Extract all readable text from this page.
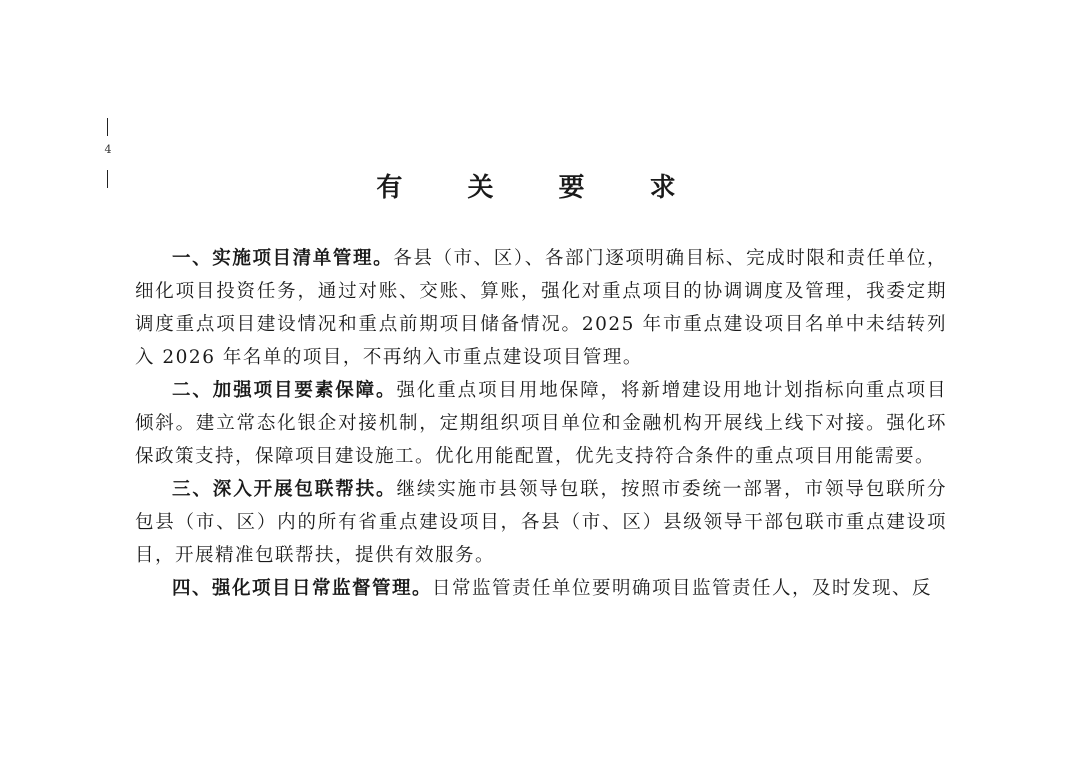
4
有 关 要 求

一、实施项目清单管理。各县（市、区）、各部门逐项明确目标、完成时限和责任单位，细化项目投资任务，通过对账、交账、算账，强化对重点项目的协调调度及管理，我委定期调度重点项目建设情况和重点前期项目储备情况。2025 年市重点建设项目名单中未结转列入 2026 年名单的项目，不再纳入市重点建设项目管理。

二、加强项目要素保障。强化重点项目用地保障，将新增建设用地计划指标向重点项目倾斜。建立常态化银企对接机制，定期组织项目单位和金融机构开展线上线下对接。强化环保政策支持，保障项目建设施工。优化用能配置，优先支持符合条件的重点项目用能需要。

三、深入开展包联帮扶。继续实施市县领导包联，按照市委统一部署，市领导包联所分包县（市、区）内的所有省重点建设项目，各县（市、区）县级领导干部包联市重点建设项目，开展精准包联帮扶，提供有效服务。

四、强化项目日常监督管理。日常监管责任单位要明确项目监管责任人，及时发现、反
